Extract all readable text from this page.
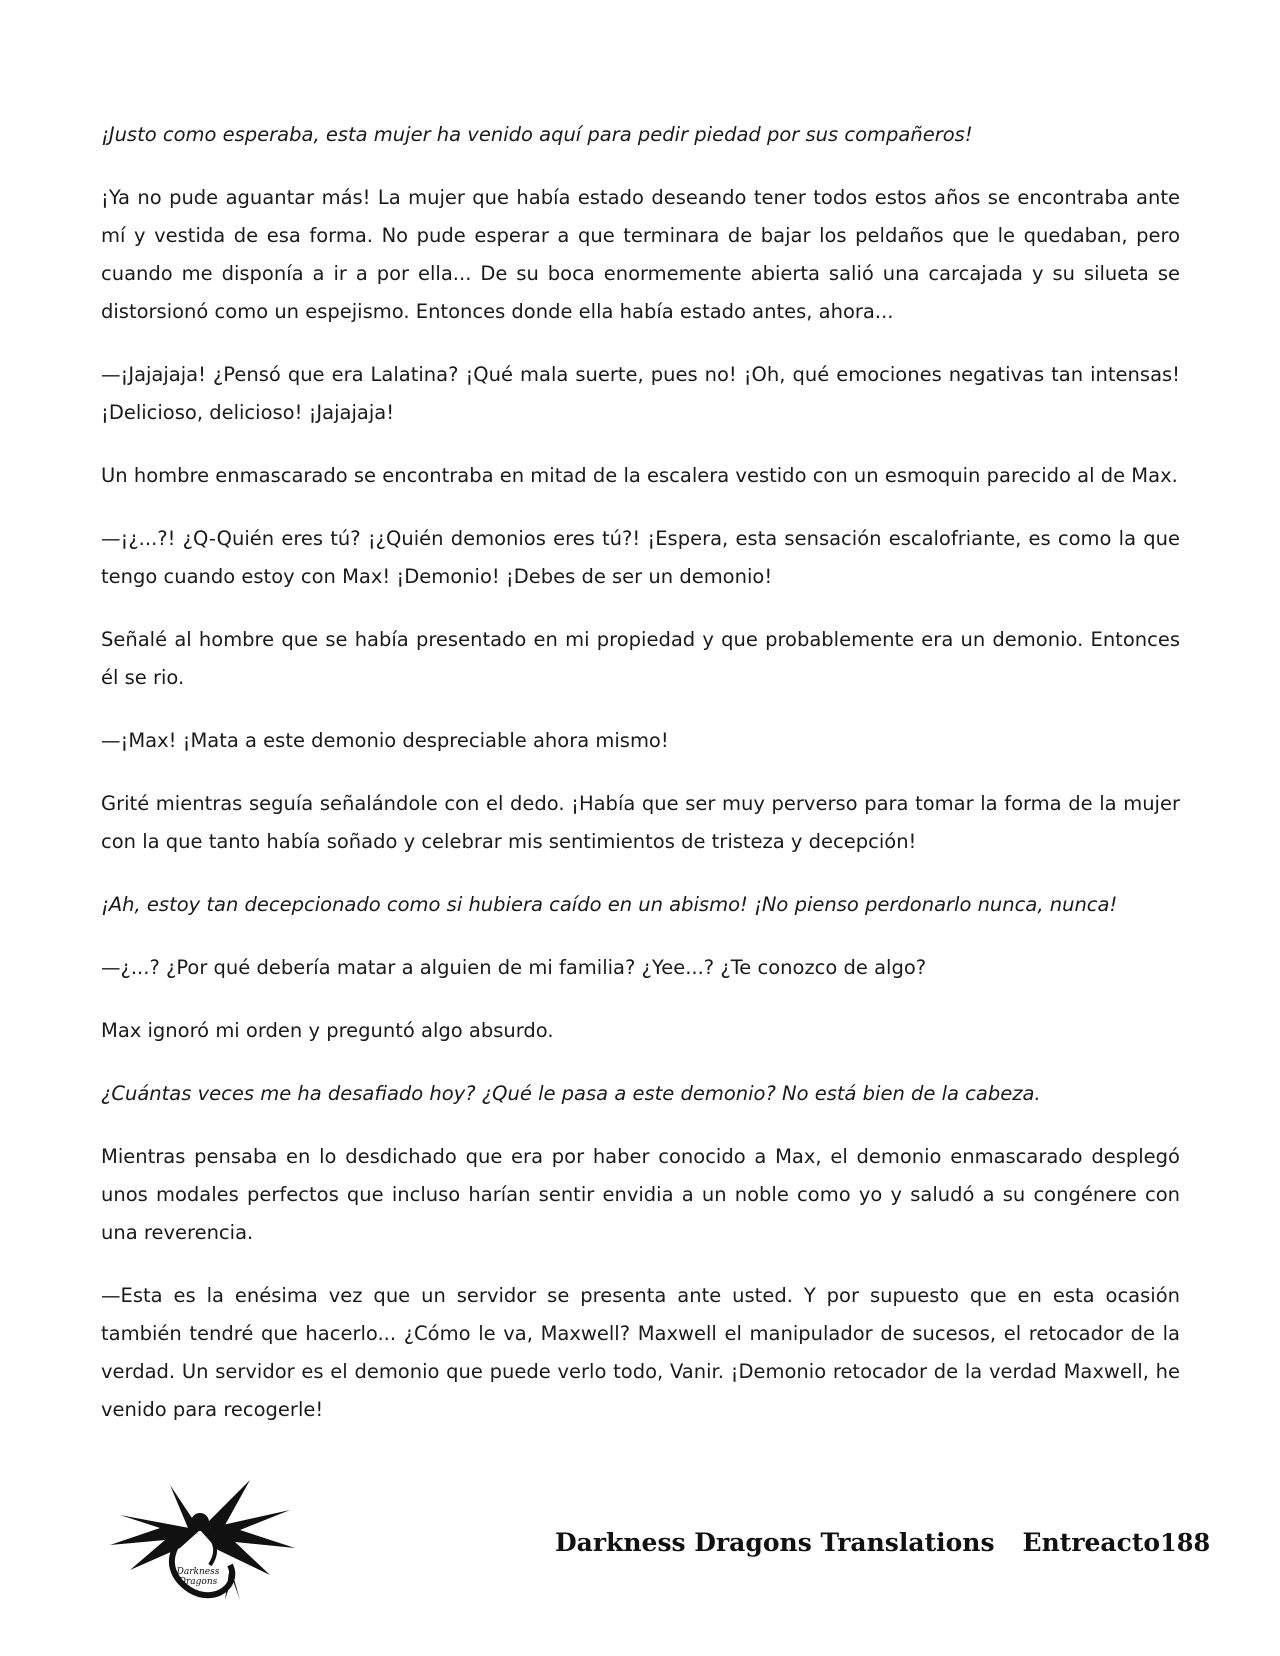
¡Justo como esperaba, esta mujer ha venido aquí para pedir piedad por sus compañeros!

¡Ya no pude aguantar más! La mujer que había estado deseando tener todos estos años se encontraba ante mí y vestida de esa forma. No pude esperar a que terminara de bajar los peldaños que le quedaban, pero cuando me disponía a ir a por ella... De su boca enormemente abierta salió una carcajada y su silueta se distorsionó como un espejismo. Entonces donde ella había estado antes, ahora...

—¡Jajajaja! ¿Pensó que era Lalatina? ¡Qué mala suerte, pues no! ¡Oh, qué emociones negativas tan intensas! ¡Delicioso, delicioso! ¡Jajajaja!

Un hombre enmascarado se encontraba en mitad de la escalera vestido con un esmoquin parecido al de Max.

—¡¿...?! ¿Q-Quién eres tú? ¡¿Quién demonios eres tú?! ¡Espera, esta sensación escalofriante, es como la que tengo cuando estoy con Max! ¡Demonio! ¡Debes de ser un demonio!

Señalé al hombre que se había presentado en mi propiedad y que probablemente era un demonio. Entonces él se rio.

—¡Max! ¡Mata a este demonio despreciable ahora mismo!

Grité mientras seguía señalándole con el dedo. ¡Había que ser muy perverso para tomar la forma de la mujer con la que tanto había soñado y celebrar mis sentimientos de tristeza y decepción!

¡Ah, estoy tan decepcionado como si hubiera caído en un abismo! ¡No pienso perdonarlo nunca, nunca!

—¿...? ¿Por qué debería matar a alguien de mi familia? ¿Yee...? ¿Te conozco de algo?

Max ignoró mi orden y preguntó algo absurdo.

¿Cuántas veces me ha desafiado hoy? ¿Qué le pasa a este demonio? No está bien de la cabeza.

Mientras pensaba en lo desdichado que era por haber conocido a Max, el demonio enmascarado desplegó unos modales perfectos que incluso harían sentir envidia a un noble como yo y saludó a su congénere con una reverencia.

—Esta es la enésima vez que un servidor se presenta ante usted. Y por supuesto que en esta ocasión también tendré que hacerlo... ¿Cómo le va, Maxwell? Maxwell el manipulador de sucesos, el retocador de la verdad. Un servidor es el demonio que puede verlo todo, Vanir. ¡Demonio retocador de la verdad Maxwell, he venido para recogerle!

Darkness
Dragons
Darkness Dragons Translations Entreacto 188
